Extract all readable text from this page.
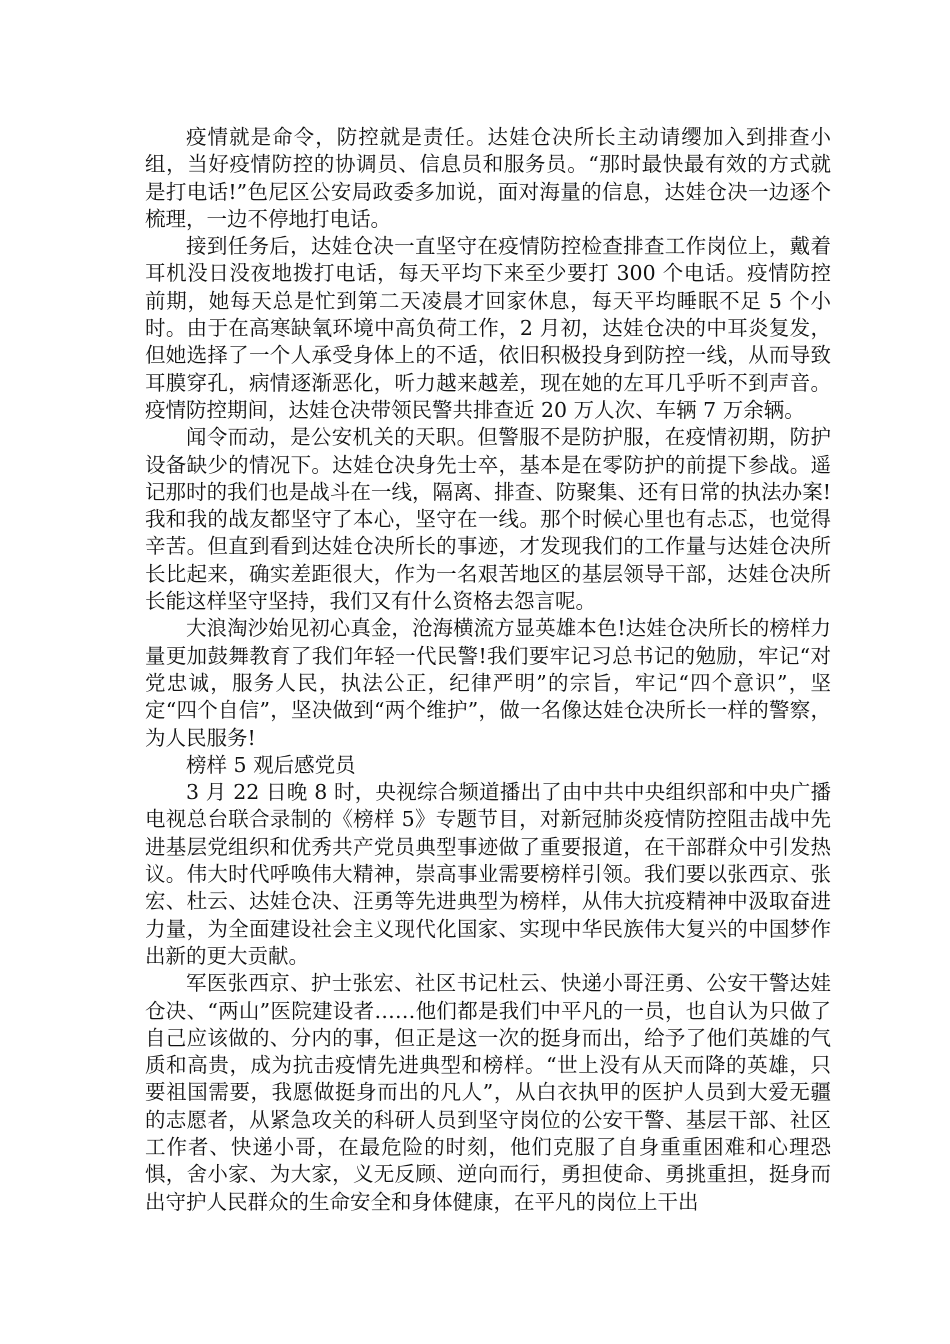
疫情就是命令，防控就是责任。达娃仓决所长主动请缨加入到排查小组，当好疫情防控的协调员、信息员和服务员。“那时最快最有效的方式就是打电话!”色尼区公安局政委多加说，面对海量的信息，达娃仓决一边逐个梳理，一边不停地打电话。

接到任务后，达娃仓决一直坚守在疫情防控检查排查工作岗位上，戴着耳机没日没夜地拨打电话，每天平均下来至少要打 300 个电话。疫情防控前期，她每天总是忙到第二天凌晨才回家休息，每天平均睡眠不足 5 个小时。由于在高寒缺氧环境中高负荷工作，2 月初，达娃仓决的中耳炎复发，但她选择了一个人承受身体上的不适，依旧积极投身到防控一线，从而导致耳膜穿孔，病情逐渐恶化，听力越来越差，现在她的左耳几乎听不到声音。疫情防控期间，达娃仓决带领民警共排查近 20 万人次、车辆 7 万余辆。

闻令而动，是公安机关的天职。但警服不是防护服，在疫情初期，防护设备缺少的情况下。达娃仓决身先士卒，基本是在零防护的前提下参战。遥记那时的我们也是战斗在一线，隔离、排查、防聚集、还有日常的执法办案!我和我的战友都坚守了本心，坚守在一线。那个时候心里也有忐忑，也觉得辛苦。但直到看到达娃仓决所长的事迹，才发现我们的工作量与达娃仓决所长比起来，确实差距很大，作为一名艰苦地区的基层领导干部，达娃仓决所长能这样坚守坚持，我们又有什么资格去怨言呢。

大浪淘沙始见初心真金，沧海横流方显英雄本色!达娃仓决所长的榜样力量更加鼓舞教育了我们年轻一代民警!我们要牢记习总书记的勉励，牢记“对党忠诚，服务人民，执法公正，纪律严明”的宗旨，牢记“四个意识”，坚定“四个自信”，坚决做到“两个维护”，做一名像达娃仓决所长一样的警察，为人民服务!

榜样 5 观后感党员

3 月 22 日晚 8 时，央视综合频道播出了由中共中央组织部和中央广播电视总台联合录制的《榜样 5》专题节目，对新冠肺炎疫情防控阻击战中先进基层党组织和优秀共产党员典型事迹做了重要报道，在干部群众中引发热议。伟大时代呼唤伟大精神，崇高事业需要榜样引领。我们要以张西京、张宏、杜云、达娃仓决、汪勇等先进典型为榜样，从伟大抗疫精神中汲取奋进力量，为全面建设社会主义现代化国家、实现中华民族伟大复兴的中国梦作出新的更大贡献。

军医张西京、护士张宏、社区书记杜云、快递小哥汪勇、公安干警达娃仓决、“两山”医院建设者……他们都是我们中平凡的一员，也自认为只做了自己应该做的、分内的事，但正是这一次的挺身而出，给予了他们英雄的气质和高贵，成为抗击疫情先进典型和榜样。“世上没有从天而降的英雄，只要祖国需要，我愿做挺身而出的凡人”，从白衣执甲的医护人员到大爱无疆的志愿者，从紧急攻关的科研人员到坚守岗位的公安干警、基层干部、社区工作者、快递小哥，在最危险的时刻，他们克服了自身重重困难和心理恐惧，舍小家、为大家，义无反顾、逆向而行，勇担使命、勇挑重担，挺身而出守护人民群众的生命安全和身体健康，在平凡的岗位上干出
